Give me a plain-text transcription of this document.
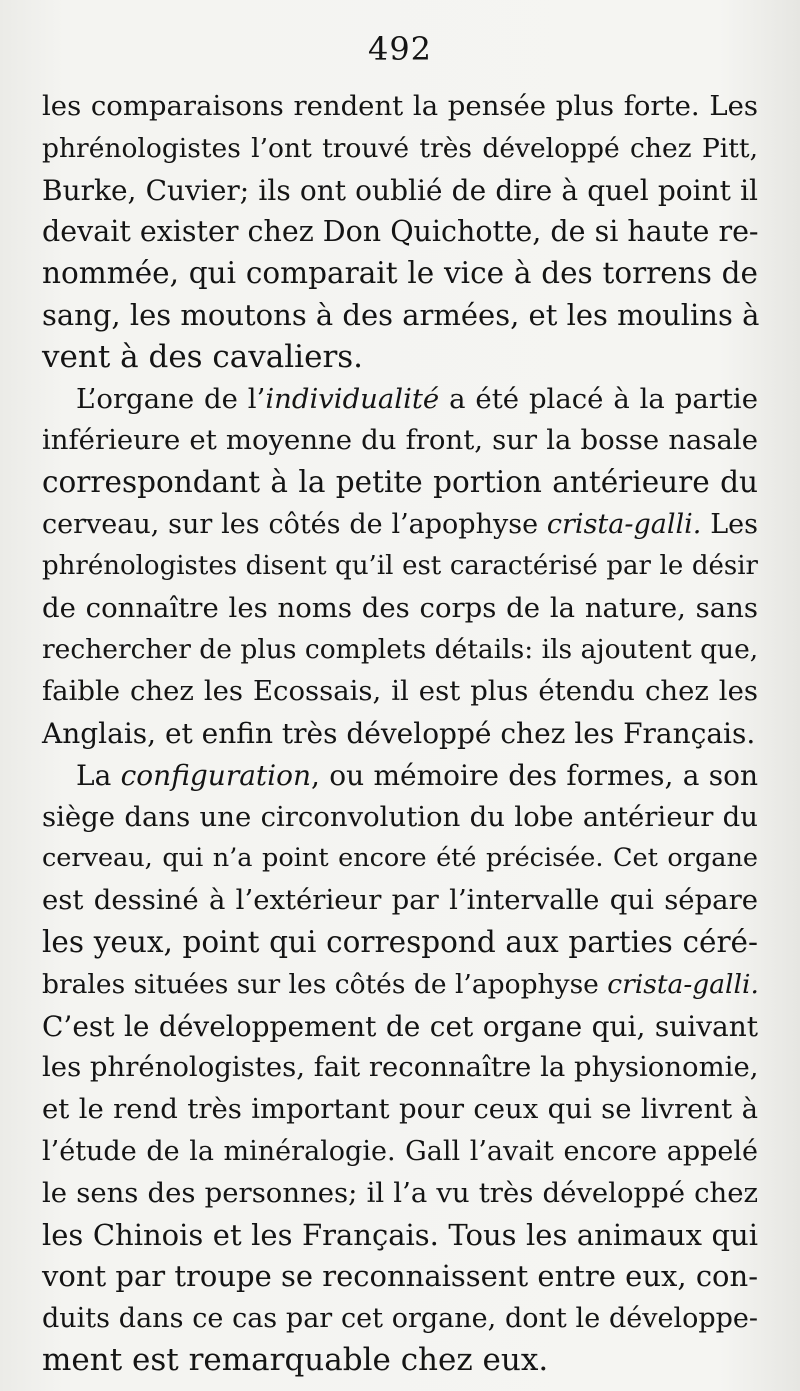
492
les comparaisons rendent la pensée plus forte. Les
phrénologistes l’ont trouvé très développé chez Pitt,
Burke, Cuvier; ils ont oublié de dire à quel point il
devait exister chez Don Quichotte, de si haute re-
nommée, qui comparait le vice à des torrens de
sang, les moutons à des armées, et les moulins à
vent à des cavaliers.
L’organe de l’individualité a été placé à la partie
inférieure et moyenne du front, sur la bosse nasale
correspondant à la petite portion antérieure du
cerveau, sur les côtés de l’apophyse crista-galli. Les
phrénologistes disent qu’il est caractérisé par le désir
de connaître les noms des corps de la nature, sans
rechercher de plus complets détails: ils ajoutent que,
faible chez les Ecossais, il est plus étendu chez les
Anglais, et enfin très développé chez les Français.
La configuration, ou mémoire des formes, a son
siège dans une circonvolution du lobe antérieur du
cerveau, qui n’a point encore été précisée. Cet organe
est dessiné à l’extérieur par l’intervalle qui sépare
les yeux, point qui correspond aux parties céré-
brales situées sur les côtés de l’apophyse crista-galli.
C’est le développement de cet organe qui, suivant
les phrénologistes, fait reconnaître la physionomie,
et le rend très important pour ceux qui se livrent à
l’étude de la minéralogie. Gall l’avait encore appelé
le sens des personnes; il l’a vu très développé chez
les Chinois et les Français. Tous les animaux qui
vont par troupe se reconnaissent entre eux, con-
duits dans ce cas par cet organe, dont le développe-
ment est remarquable chez eux.
